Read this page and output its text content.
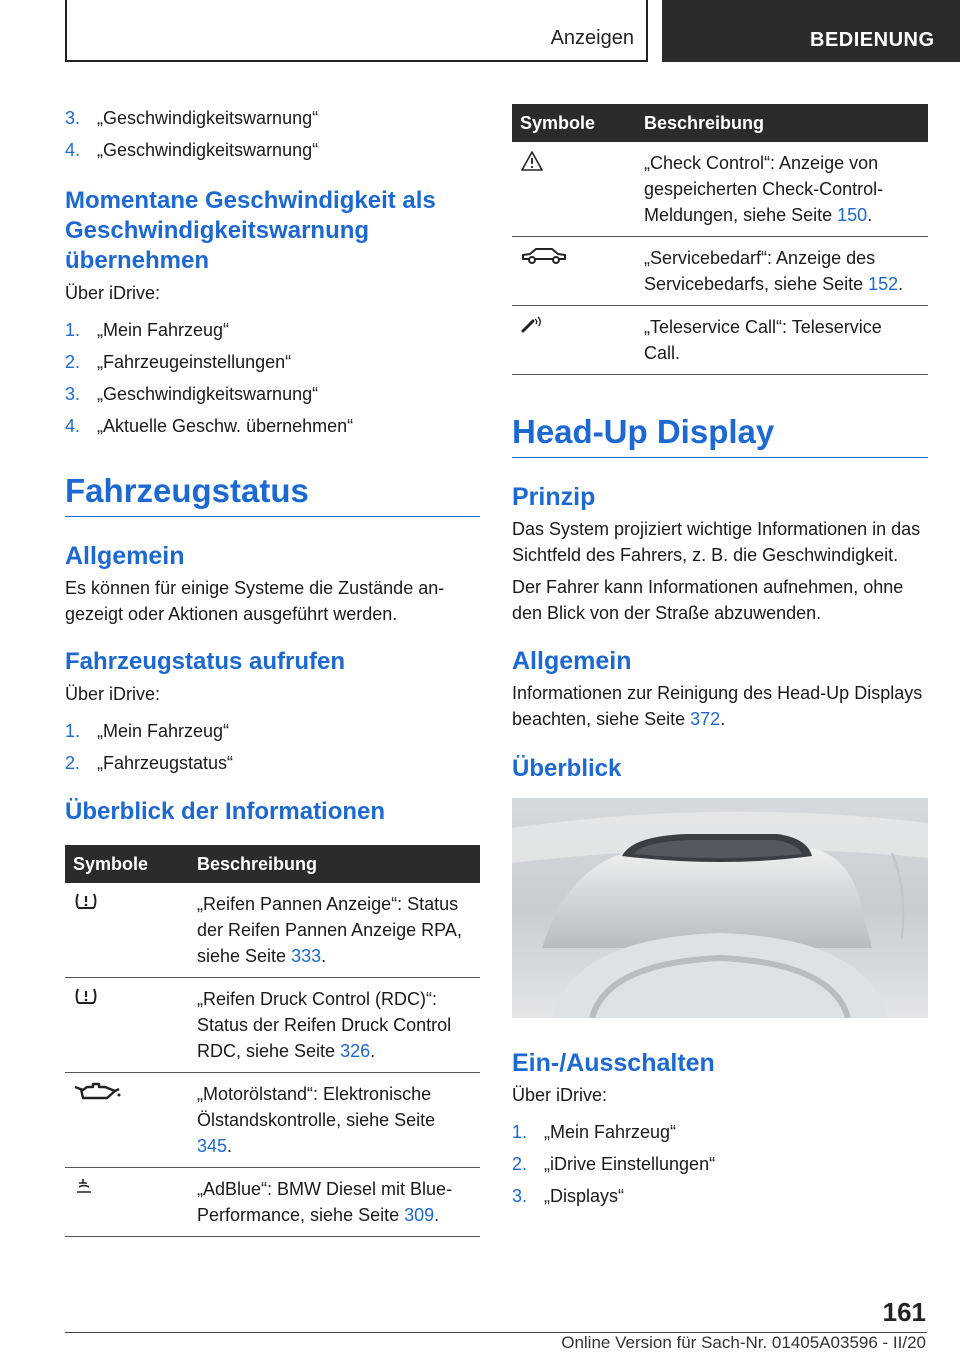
Anzeigen	BEDIENUNG
3. „Geschwindigkeitswarnung“
4. „Geschwindigkeitswarnung“
Momentane Geschwindigkeit als Geschwindigkeitswarnung übernehmen

Über iDrive:

1. „Mein Fahrzeug“
2. „Fahrzeugeinstellungen“
3. „Geschwindigkeitswarnung“
4. „Aktuelle Geschw. übernehmen“
Fahrzeugstatus
Allgemein

Es können für einige Systeme die Zustände angezeigt oder Aktionen ausgeführt werden.

Fahrzeugstatus aufrufen

Über iDrive:

1. „Mein Fahrzeug“
2. „Fahrzeugstatus“
Überblick der Informationen
Symbole	Beschreibung

	„Reifen Pannen Anzeige“: Status der Reifen Pannen Anzeige RPA, siehe Seite 333.

	„Reifen Druck Control (RDC)“: Status der Reifen Druck Control RDC, siehe Seite 326.

	„Motorölstand“: Elektronische Ölstandskontrolle, siehe Seite 345.

	„AdBlue“: BMW Diesel mit BluePerformance, siehe Seite 309.
Symbole	Beschreibung

	„Check Control“: Anzeige von gespeicherten Check-Control-Meldungen, siehe Seite 150.

	„Servicebedarf“: Anzeige des Servicebedarfs, siehe Seite 152.

	„Teleservice Call“: Teleservice Call.
Head-Up Display
Prinzip

Das System projiziert wichtige Informationen in das Sichtfeld des Fahrers, z. B. die Geschwindigkeit.

Der Fahrer kann Informationen aufnehmen, ohne den Blick von der Straße abzuwenden.

Allgemein

Informationen zur Reinigung des Head-Up Displays beachten, siehe Seite 372.

Überblick
Ein-/Ausschalten

Über iDrive:

1. „Mein Fahrzeug“
2. „iDrive Einstellungen“
3. „Displays“
161
Online Version für Sach-Nr. 01405A03596 - II/20
